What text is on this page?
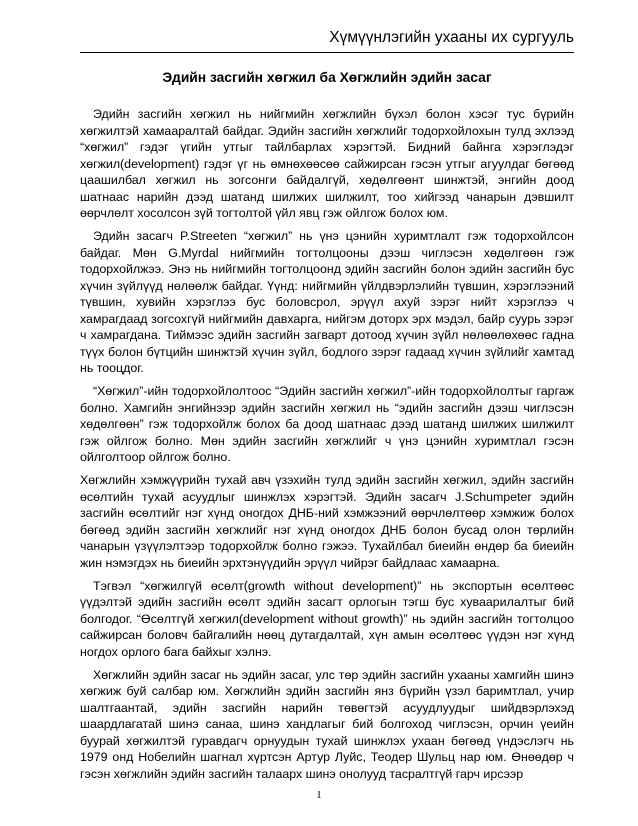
Хүмүүнлэгийн ухааны их сургууль
Эдийн засгийн хөгжил ба Хөгжлийн эдийн засаг

Эдийн засгийн хөгжил нь нийгмийн хөгжлийн бүхэл болон хэсэг тус бүрийн хөгжилтэй хамааралтай байдаг. Эдийн засгийн хөгжлийг тодорхойлохын тулд эхлээд “хөгжил” гэдэг үгийн утгыг тайлбарлах хэрэгтэй. Бидний байнга хэрэглэдэг хөгжил(development) гэдэг үг нь өмнөхөөсөө сайжирсан гэсэн утгыг агуулдаг бөгөөд цаашилбал хөгжил нь зогсонги байдалгүй, хөдөлгөөнт шинжтэй, энгийн доод шатнаас нарийн дээд шатанд шилжих шилжилт, тоо хийгээд чанарын дэвшилт өөрчлөлт хосолсон зүй тогтолтой үйл явц гэж ойлгож болох юм.

Эдийн засагч P.Streeten “хөгжил” нь үнэ цэнийн хуримтлалт гэж тодорхойлсон байдаг. Мөн G.Myrdal нийгмийн тогтолцооны дээш чиглэсэн хөдөлгөөн гэж тодорхойлжээ. Энэ нь нийгмийн тогтолцоонд эдийн засгийн болон эдийн засгийн бус хүчин зүйлүүд нөлөөлж байдаг. Үүнд: нийгмийн үйлдвэрлэлийн түвшин, хэрэглээний түвшин, хувийн хэрэглээ бус боловсрол, эрүүл ахуй зэрэг нийт хэрэглээ ч хамрагдаад зогсохгүй нийгмийн давхарга, нийгэм доторх эрх мэдэл, байр суурь зэрэг ч хамрагдана. Тиймээс эдийн засгийн загварт дотоод хүчин зүйл нөлөөлөхөөс гадна түүх болон бүтцийн шинжтэй хүчин зүйл, бодлого зэрэг гадаад хүчин зүйлийг хамтад нь тооцдог.

“Хөгжил”-ийн тодорхойлолтоос “Эдийн засгийн хөгжил”-ийн тодорхойлолтыг гаргаж болно. Хамгийн энгийнээр эдийн засгийн хөгжил нь “эдийн засгийн дээш чиглэсэн хөдөлгөөн” гэж тодорхойлж болох ба доод шатнаас дээд шатанд шилжих шилжилт гэж ойлгож болно. Мөн эдийн засгийн хөгжлийг ч үнэ цэнийн хуримтлал гэсэн ойлголтоор ойлгож болно.

Хөгжлийн хэмжүүрийн тухай авч үзэхийн тулд эдийн засгийн хөгжил, эдийн засгийн өсөлтийн тухай асуудлыг шинжлэх хэрэгтэй. Эдийн засагч J.Schumpeter эдийн засгийн өсөлтийг нэг хүнд оногдох ДНБ-ний хэмжээний өөрчлөлтөөр хэмжиж болох бөгөөд эдийн засгийн хөгжлийг нэг хүнд оногдох ДНБ болон бусад олон төрлийн чанарын үзүүлэлтээр тодорхойлж болно гэжээ. Тухайлбал биеийн өндөр ба биеийн жин нэмэгдэх нь биеийн эрхтэнүүдийн эрүүл чийрэг байдлаас хамаарна.

Тэгвэл “хөгжилгүй өсөлт(growth without development)” нь экспортын өсөлтөөс үүдэлтэй эдийн засгийн өсөлт эдийн засагт орлогын тэгш бус хуваарилалтыг бий болгодог. “Өсөлтгүй хөгжил(development without growth)” нь эдийн засгийн тогтолцоо сайжирсан боловч байгалийн нөөц дутагдалтай, хүн амын өсөлтөөс үүдэн нэг хүнд ногдох орлого бага байхыг хэлнэ.

Хөгжлийн эдийн засаг нь эдийн засаг, улс төр эдийн засгийн ухааны хамгийн шинэ хөгжиж буй салбар юм. Хөгжлийн эдийн засгийн янз бүрийн үзэл баримтлал, учир шалтгаантай, эдийн засгийн нарийн төвөгтэй асуудлуудыг шийдвэрлэхэд шаардлагатай шинэ санаа, шинэ хандлагыг бий болгоход чиглэсэн, орчин үеийн буурай хөгжилтэй гуравдагч орнуудын тухай шинжлэх ухаан бөгөөд үндэслэгч нь 1979 онд Нобелийн шагнал хүртсэн Артур Луйс, Теодер Шульц нар юм. Өнөөдөр ч гэсэн хөгжлийн эдийн засгийн талаарх шинэ онолууд тасралтгүй гарч ирсээр

1
